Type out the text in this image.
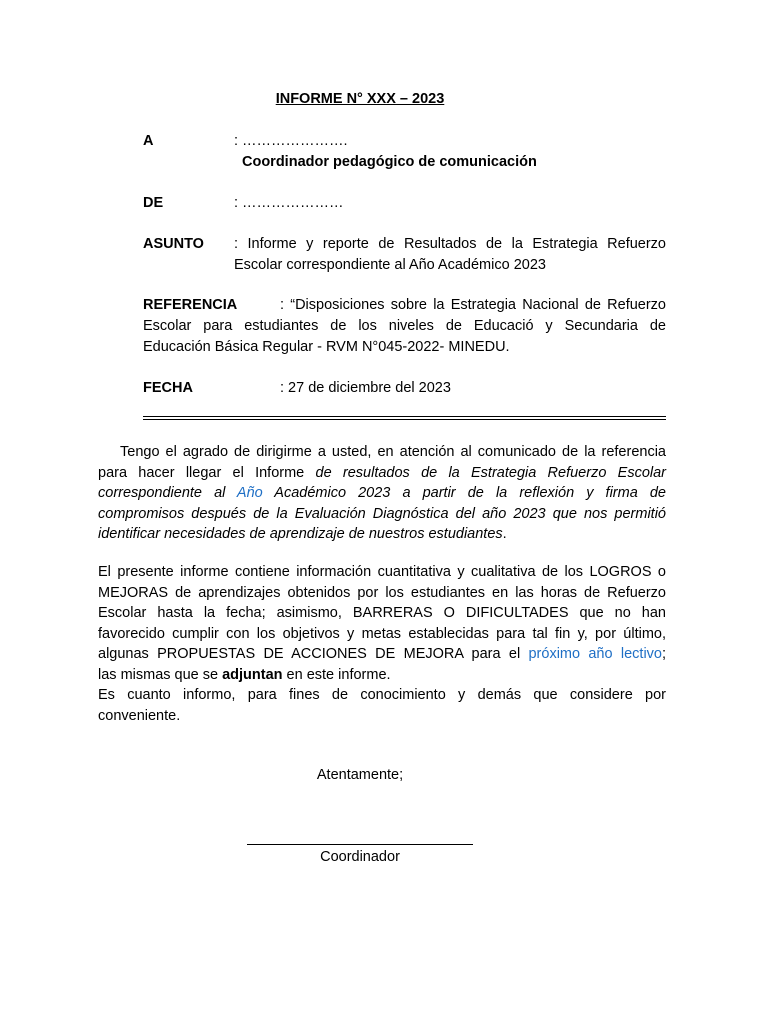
INFORME N° XXX – 2023
A	: ………………….
Coordinador pedagógico de comunicación
DE	: …………………
ASUNTO : Informe y reporte de Resultados de la Estrategia Refuerzo
Escolar correspondiente al Año Académico 2023
REFERENCIA	: “Disposiciones sobre la Estrategia Nacional de Refuerzo
Escolar para estudiantes de los niveles de Educació y Secundaria de
Educación Básica Regular - RVM N°045-2022- MINEDU.
FECHA	: 27 de diciembre del 2023
Tengo el agrado de dirigirme a usted, en atención al comunicado de la referencia
para hacer llegar el Informe de resultados de la Estrategia Refuerzo Escolar
correspondiente al Año Académico 2023 a partir de la reflexión y firma de
compromisos después de la Evaluación Diagnóstica del año 2023 que nos permitió
identificar necesidades de aprendizaje de nuestros estudiantes.
El presente informe contiene información cuantitativa y cualitativa de los LOGROS o
MEJORAS de aprendizajes obtenidos por los estudiantes en las horas de Refuerzo
Escolar hasta la fecha; asimismo, BARRERAS O DIFICULTADES que no han
favorecido cumplir con los objetivos y metas establecidas para tal fin y, por último,
algunas PROPUESTAS DE ACCIONES DE MEJORA para el próximo año lectivo;
las mismas que se adjuntan en este informe.
Es cuanto informo, para fines de conocimiento y demás que considere por
conveniente.
Atentamente;
Coordinador
